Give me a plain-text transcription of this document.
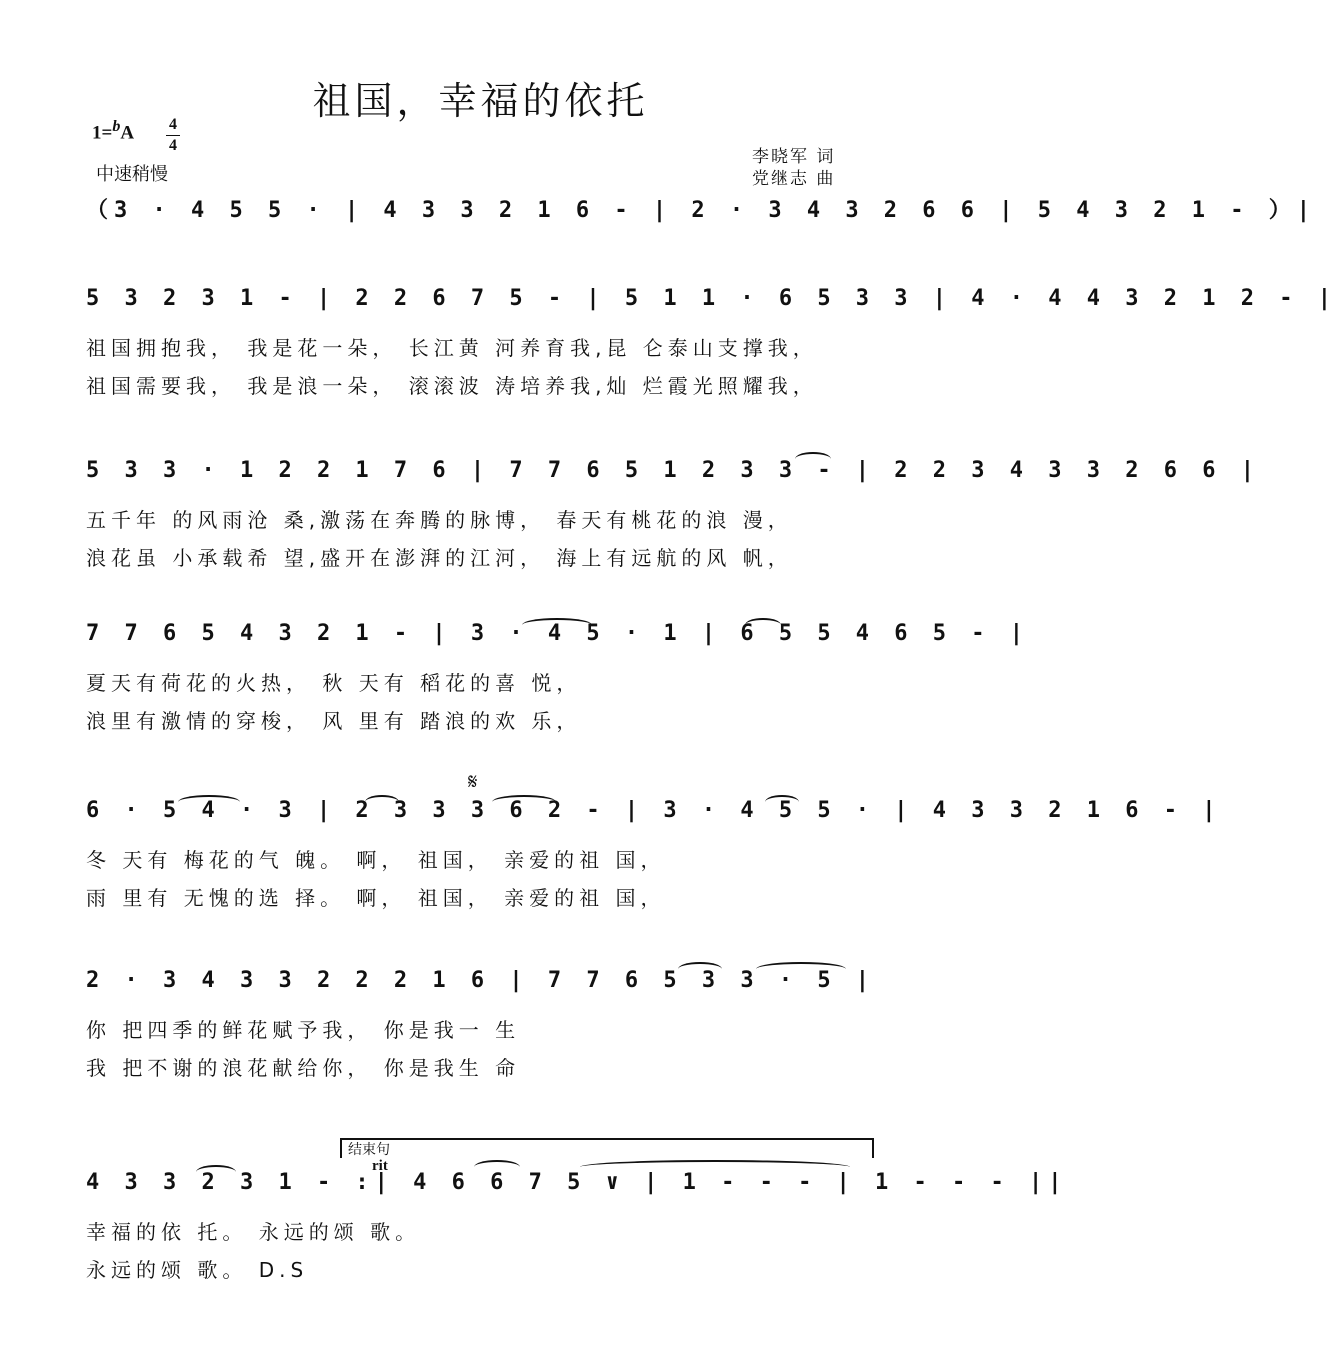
祖国，幸福的依托
1=$^b$A 4
4
中速稍慢
李晓军 词
党继志 曲
（3 · 4 5 5 · | 4 3 3 2 1 6 - | 2 · 3 4 3 2 6 6 | 5 4 3 2 1 - ）|
5 3 2 3 1 - | 2 2 6 7 5 - | 5 1 1 · 6 5 3 3 | 4 · 4 4 3 2 1 2 - |
祖国拥抱我， 我是花一朵， 长江黄 河养育我,昆 仑泰山支撑我，
祖国需要我， 我是浪一朵， 滚滚波 涛培养我,灿 烂霞光照耀我，
5 3 3 · 1 2 2 1 7 6 | 7 7 6 5 1 2 3 3 - | 2 2 3 4 3 3 2 6 6 |
五千年 的风雨沧 桑,激荡在奔腾的脉博， 春天有桃花的浪 漫，
浪花虽 小承载希 望,盛开在澎湃的江河， 海上有远航的风 帆，
7 7 6 5 4 3 2 1 - | 3 · 4 5 · 1 | 6 5 5 4 6 5 - |
夏天有荷花的火热， 秋 天有 稻花的喜 悦，
浪里有激情的穿梭， 风 里有 踏浪的欢 乐，
6 · 5 4 · 3 | 2 3 3 3 6 2 - | 3 · 4 5 5 · | 4 3 3 2 1 6 - |
冬 天有 梅花的气 魄。 啊， 祖国， 亲爱的祖 国，
雨 里有 无愧的选 择。 啊， 祖国， 亲爱的祖 国，
2 · 3 4 3 3 2 2 2 1 6 | 7 7 6 5 3 3 · 5 |
你 把四季的鲜花赋予我， 你是我一 生
我 把不谢的浪花献给你， 你是我生 命
4 3 3 2 3 1 - :| 4 6 6 7 5 ∨ | 1 - - - | 1 - - - ||
幸福的依 托。 永远的颂 歌。
永远的颂 歌。 D.S
𝄋
结束句
rit
